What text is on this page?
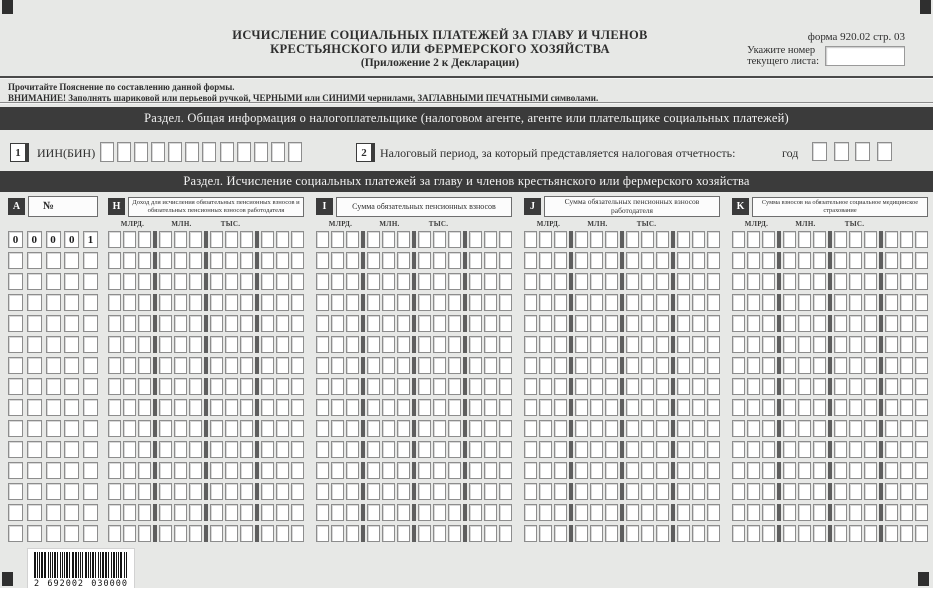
ИСЧИСЛЕНИЕ СОЦИАЛЬНЫХ ПЛАТЕЖЕЙ ЗА ГЛАВУ И ЧЛЕНОВ
КРЕСТЬЯНСКОГО ИЛИ ФЕРМЕРСКОГО ХОЗЯЙСТВА
(Приложение 2 к Декларации)
форма 920.02 стр. 03
Укажите номер
текущего листа:
Прочитайте Пояснение по составлению данной формы.
ВНИМАНИЕ! Заполнять шариковой или перьевой ручкой, ЧЕРНЫМИ или СИНИМИ чернилами, ЗАГЛАВНЫМИ ПЕЧАТНЫМИ символами.
Раздел. Общая информация о налогоплательщике (налоговом агенте, агенте или плательщике социальных платежей)
1	ИИН(БИН)	2	Налоговый период, за который представляется налоговая отчетность:	год
Раздел. Исчисление социальных платежей за главу и членов крестьянского или фермерского хозяйства
A	№	H	Доход для исчисления обязательных пенсионных взносов и обязательных пенсионных взносов работодателя	I	Сумма обязательных пенсионных взносов	J	Сумма обязательных пенсионных взносов работодателя	K	Сумма взносов на обязательное социальное медицинское страхование
МЛРД.	МЛН.	ТЫС.	МЛРД.	МЛН.	ТЫС.	МЛРД.	МЛН.	ТЫС.	МЛРД.	МЛН.	ТЫС.
0	0	0	0	1
2 692002 030000
